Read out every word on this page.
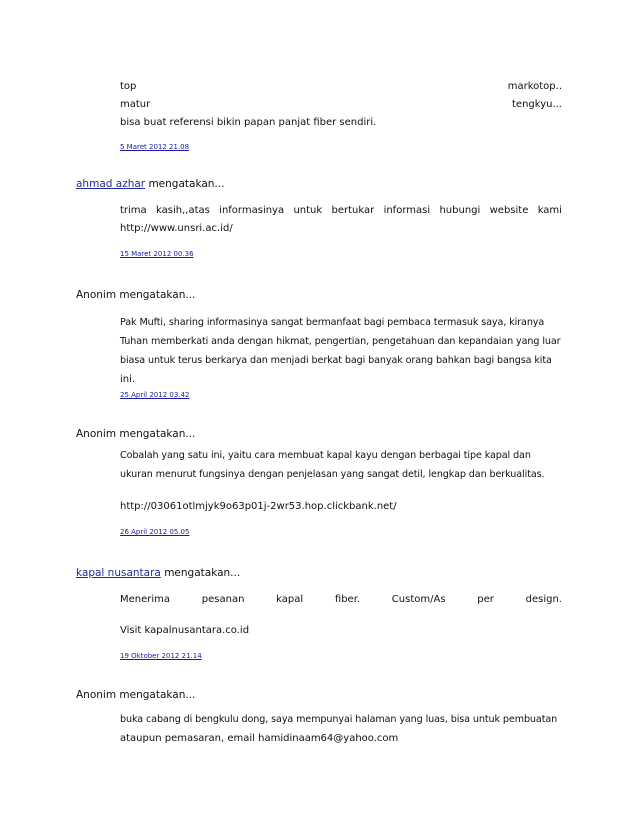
top	markotop..
matur	tengkyu...
bisa buat referensi bikin papan panjat fiber sendiri.
5 Maret 2012 21.08
ahmad azhar mengatakan...
trima kasih,,atas informasinya untuk bertukar informasi hubungi website kami
http://www.unsri.ac.id/
15 Maret 2012 00.36
Anonim mengatakan...
Pak Mufti, sharing informasinya sangat bermanfaat bagi pembaca termasuk saya, kiranya
Tuhan memberkati anda dengan hikmat, pengertian, pengetahuan dan kepandaian yang luar
biasa untuk terus berkarya dan menjadi berkat bagi banyak orang bahkan bagi bangsa kita
ini.
25 April 2012 03.42
Anonim mengatakan...
Cobalah yang satu ini, yaitu cara membuat kapal kayu dengan berbagai tipe kapal dan
ukuran menurut fungsinya dengan penjelasan yang sangat detil, lengkap dan berkualitas.
http://03061otlmjyk9o63p01j-2wr53.hop.clickbank.net/
26 April 2012 05.05
kapal nusantara mengatakan...
Menerima	pesanan	kapal	fiber.	Custom/As	per	design.
Visit kapalnusantara.co.id
19 Oktober 2012 21.14
Anonim mengatakan...
buka cabang di bengkulu dong, saya mempunyai halaman yang luas, bisa untuk pembuatan
ataupun pemasaran, email hamidinaam64@yahoo.com
